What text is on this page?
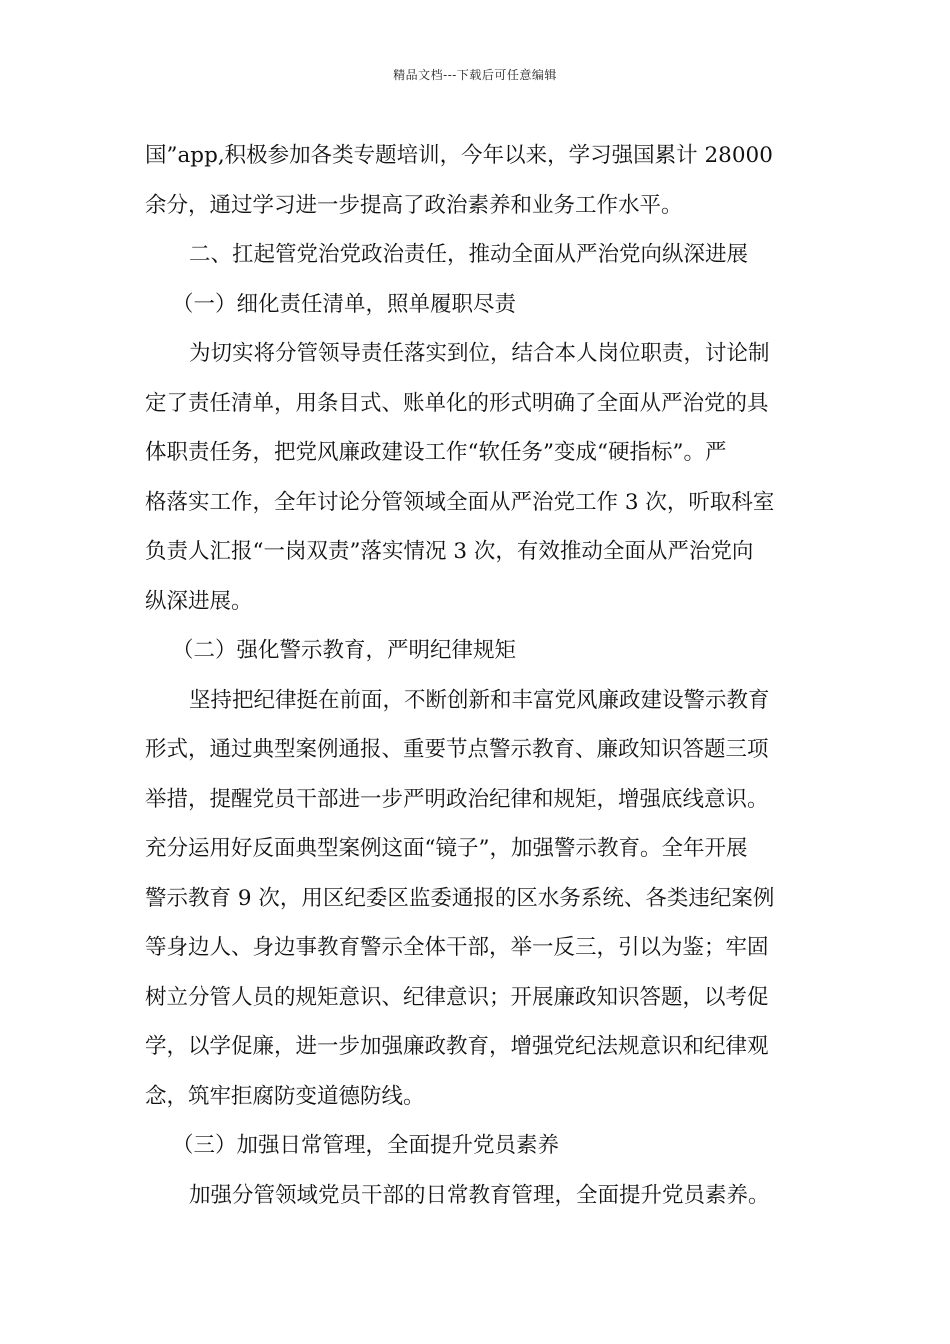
精品文档---下载后可任意编辑
国”app,积极参加各类专题培训，今年以来，学习强国累计 28000
余分，通过学习进一步提高了政治素养和业务工作水平。
二、扛起管党治党政治责任，推动全面从严治党向纵深进展
（一）细化责任清单，照单履职尽责
为切实将分管领导责任落实到位，结合本人岗位职责，讨论制
定了责任清单，用条目式、账单化的形式明确了全面从严治党的具
体职责任务，把党风廉政建设工作“软任务”变成“硬指标”。严
格落实工作，全年讨论分管领域全面从严治党工作 3 次，听取科室
负责人汇报“一岗双责”落实情况 3 次，有效推动全面从严治党向
纵深进展。
（二）强化警示教育，严明纪律规矩
坚持把纪律挺在前面，不断创新和丰富党风廉政建设警示教育
形式，通过典型案例通报、重要节点警示教育、廉政知识答题三项
举措，提醒党员干部进一步严明政治纪律和规矩，增强底线意识。
充分运用好反面典型案例这面“镜子”，加强警示教育。全年开展
警示教育 9 次，用区纪委区监委通报的区水务系统、各类违纪案例
等身边人、身边事教育警示全体干部，举一反三，引以为鉴；牢固
树立分管人员的规矩意识、纪律意识；开展廉政知识答题，以考促
学，以学促廉，进一步加强廉政教育，增强党纪法规意识和纪律观
念，筑牢拒腐防变道德防线。
（三）加强日常管理，全面提升党员素养
加强分管领域党员干部的日常教育管理，全面提升党员素养。
